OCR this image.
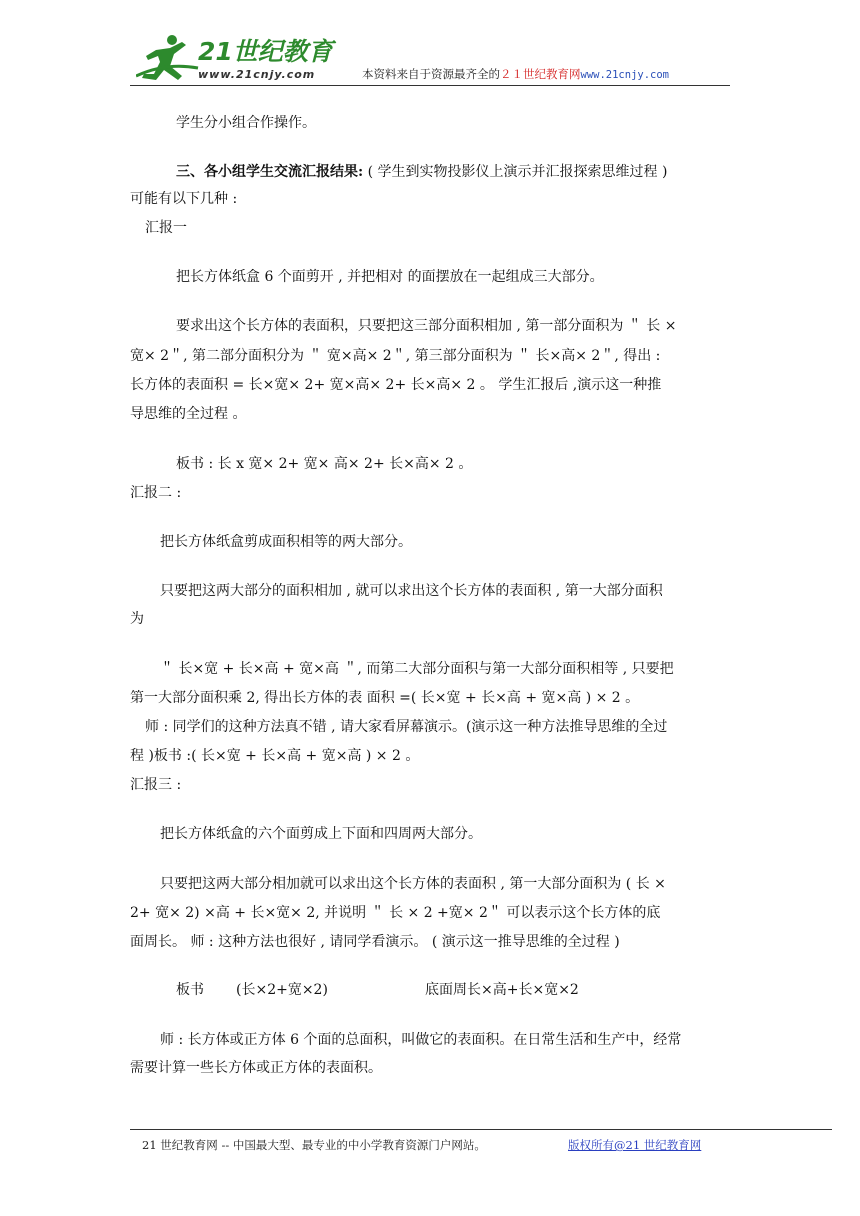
21世纪教育
www.21cnjy.com	本资料来自于资源最齐全的２１世纪教育网www.21cnjy.com
学生分小组合作操作。
三、各小组学生交流汇报结果: ( 学生到实物投影仪上演示并汇报探索思维过程 )
可能有以下几种 :
汇报一
把长方体纸盒 6 个面剪开 , 并把相对 的面摆放在一起组成三大部分。
要求出这个长方体的表面积，只要把这三部分面积相加 , 第一部分面积为 ＂ 长 ×
宽× 2＂, 第二部分面积分为 ＂ 宽×高× 2＂, 第三部分面积为 ＂ 长×高× 2＂, 得出 :
长方体的表面积 = 长×宽× 2+ 宽×高× 2+ 长×高× 2 。 学生汇报后 ,演示这一种推
导思维的全过程 。
板书 : 长 x 宽× 2+ 宽× 高× 2+ 长×高× 2 。
汇报二 :
把长方体纸盒剪成面积相等的两大部分。
只要把这两大部分的面积相加 , 就可以求出这个长方体的表面积 , 第一大部分面积
为
＂ 长×宽 + 长×高 + 宽×高 ＂, 而第二大部分面积与第一大部分面积相等 , 只要把
第一大部分面积乘 2, 得出长方体的表 面积 =( 长×宽 + 长×高 + 宽×高 ) × 2 。
师 : 同学们的这种方法真不错 , 请大家看屏幕演示。(演示这一种方法推导思维的全过
程 )板书 :( 长×宽 + 长×高 + 宽×高 ) × 2 。
汇报三 :
把长方体纸盒的六个面剪成上下面和四周两大部分。
只要把这两大部分相加就可以求出这个长方体的表面积 , 第一大部分面积为 ( 长 ×
2+ 宽× 2) ×高 + 长×宽× 2, 并说明 ＂ 长 × 2 +宽× 2＂ 可以表示这个长方体的底
面周长。 师 : 这种方法也很好 , 请同学看演示。 ( 演示这一推导思维的全过程 )
板书 (长×2+宽×2)	底面周长×高+长×宽×2
师 : 长方体或正方体 6 个面的总面积，叫做它的表面积。在日常生活和生产中，经常
需要计算一些长方体或正方体的表面积。
21 世纪教育网 -- 中国最大型、最专业的中小学教育资源门户网站。	版权所有@21 世纪教育网
